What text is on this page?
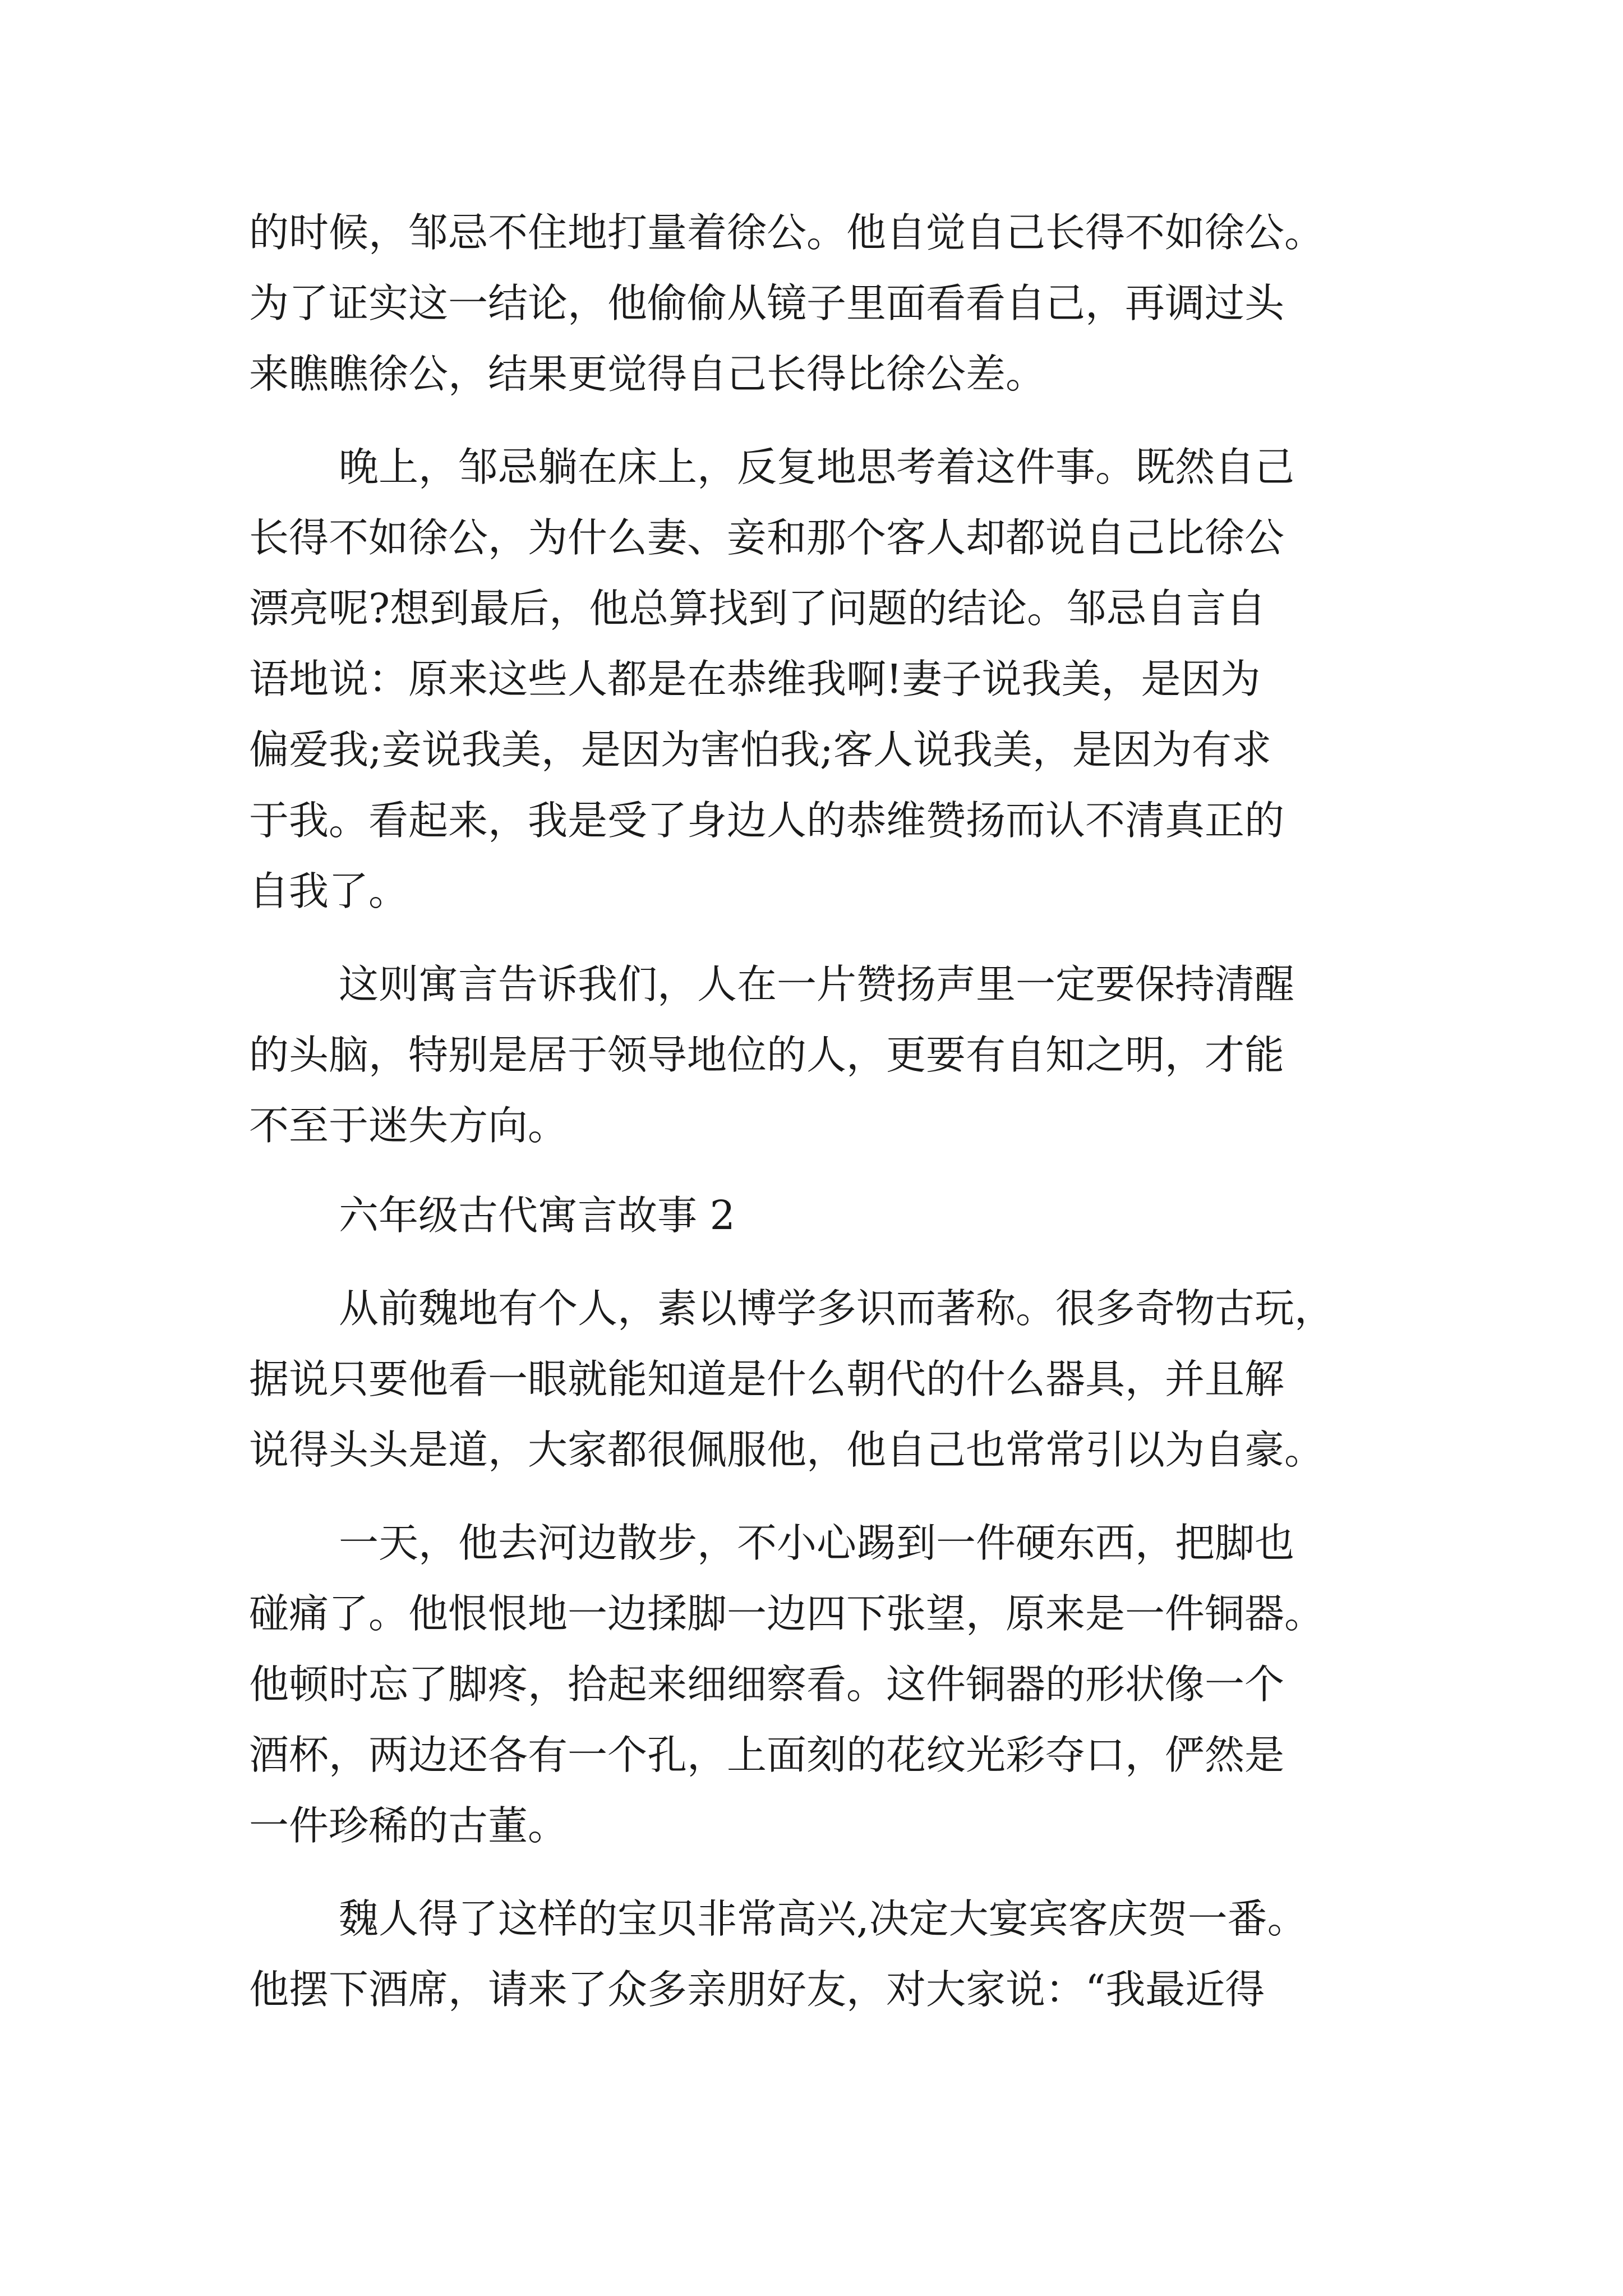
的时候，邹忌不住地打量着徐公。他自觉自己长得不如徐公。
为了证实这一结论，他偷偷从镜子里面看看自己，再调过头
来瞧瞧徐公，结果更觉得自己长得比徐公差。
晚上，邹忌躺在床上，反复地思考着这件事。既然自己
长得不如徐公，为什么妻、妾和那个客人却都说自己比徐公
漂亮呢?想到最后，他总算找到了问题的结论。邹忌自言自
语地说：原来这些人都是在恭维我啊!妻子说我美，是因为
偏爱我;妾说我美，是因为害怕我;客人说我美，是因为有求
于我。看起来，我是受了身边人的恭维赞扬而认不清真正的
自我了。
这则寓言告诉我们，人在一片赞扬声里一定要保持清醒
的头脑，特别是居于领导地位的人，更要有自知之明，才能
不至于迷失方向。
六年级古代寓言故事 2
从前魏地有个人，素以博学多识而著称。很多奇物古玩，
据说只要他看一眼就能知道是什么朝代的什么器具，并且解
说得头头是道，大家都很佩服他，他自己也常常引以为自豪。
一天，他去河边散步，不小心踢到一件硬东西，把脚也
碰痛了。他恨恨地一边揉脚一边四下张望，原来是一件铜器。
他顿时忘了脚疼，拾起来细细察看。这件铜器的形状像一个
酒杯，两边还各有一个孔，上面刻的花纹光彩夺口，俨然是
一件珍稀的古董。
魏人得了这样的宝贝非常高兴,决定大宴宾客庆贺一番。
他摆下酒席，请来了众多亲朋好友，对大家说：“我最近得
